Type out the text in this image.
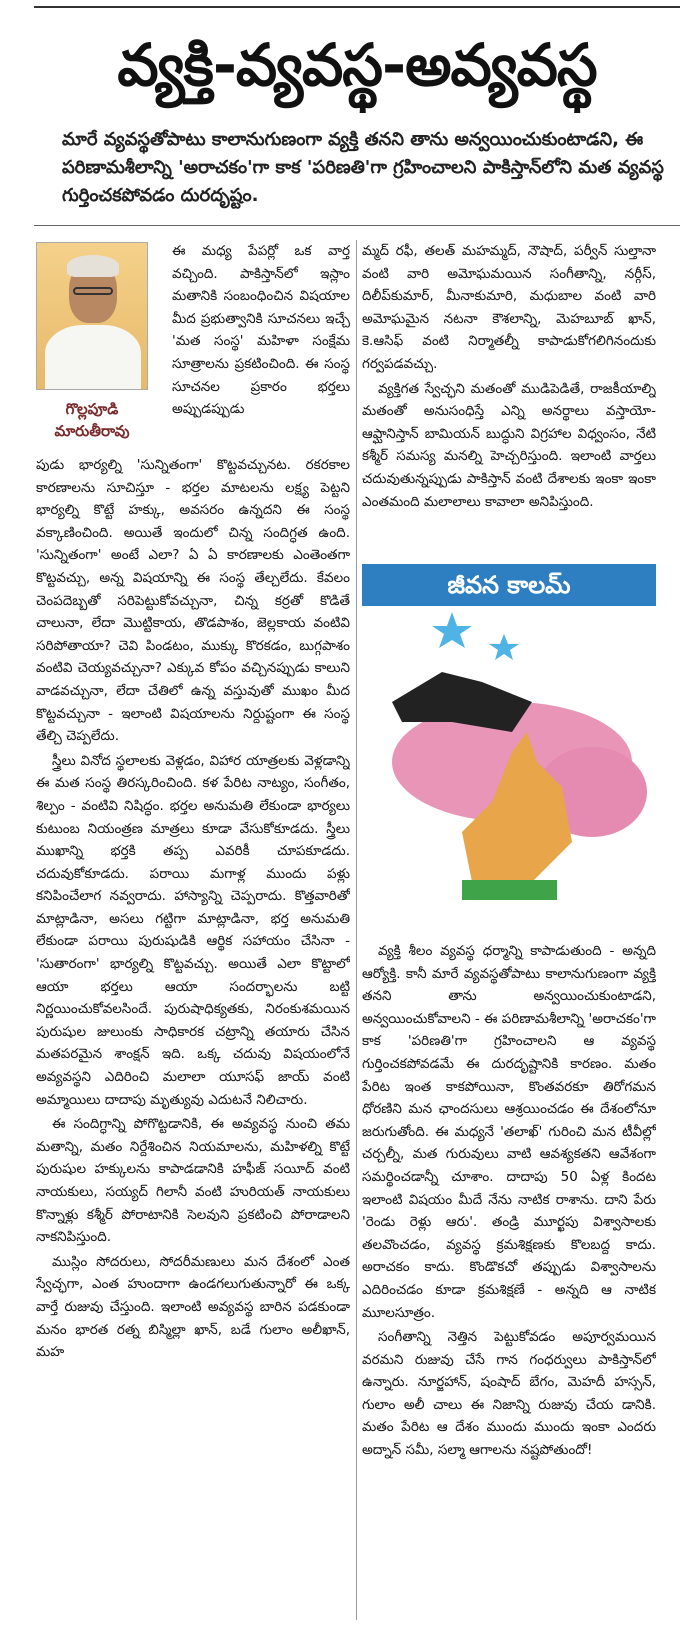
వ్యక్తి-వ్యవస్థ-అవ్యవస్థ
మారే వ్యవస్థతోపాటు కాలానుగుణంగా వ్యక్తి తనని తాను అన్వయించుకుంటాడని, ఈ పరిణామశీలాన్ని 'అరాచకం'గా కాక 'పరిణతి'గా గ్రహించాలని పాకిస్తాన్‌లోని మత వ్యవస్థ గుర్తించకపోవడం దురదృష్టం.
గొల్లపూడి మారుతీరావు

ఈ మధ్య పేపర్లో ఒక వార్త వచ్చింది. పాకిస్తాన్‌లో ఇస్లాం మతానికి సంబంధించిన విషయాల మీద ప్రభుత్వానికి సూచనలు ఇచ్చే 'మత సంస్థ' మహిళా సంక్షేమ సూత్రాలను ప్రకటించింది. ఈ సంస్థ సూచనల ప్రకారం భర్తలు అప్పుడప్పుడు

పుడు భార్యల్ని 'సున్నితంగా' కొట్టవచ్చునట. రకరకాల కారణాలను సూచిస్తూ - భర్తల మాటలను లక్ష్య పెట్టని భార్యల్ని కొట్టే హక్కు, అవసరం ఉన్నదని ఈ సంస్థ వక్కాణించింది. అయితే ఇందులో చిన్న సందిగ్ధత ఉంది. 'సున్నితంగా' అంటే ఎలా? ఏ ఏ కారణాలకు ఎంతెంతగా కొట్టవచ్చు, అన్న విషయాన్ని ఈ సంస్థ తేల్చలేదు. కేవలం చెంపదెబ్బతో సరిపెట్టుకోవచ్చునా, చిన్న కర్రతో కొడితే చాలునా, లేదా మొట్టికాయ, తొడపాశం, జెల్లకాయ వంటివి సరిపోతాయా? చెవి పిండటం, ముక్కు కొరకడం, బుగ్గపాశం వంటివి చెయ్యవచ్చునా? ఎక్కువ కోపం వచ్చినప్పుడు కాలుని వాడవచ్చునా, లేదా చేతిలో ఉన్న వస్తువుతో ముఖం మీద కొట్టవచ్చునా - ఇలాంటి విషయాలను నిర్దుష్టంగా ఈ సంస్థ తేల్చి చెప్పలేదు.

స్త్రీలు వినోద స్థలాలకు వెళ్లడం, విహార యాత్రలకు వెళ్లడాన్ని ఈ మత సంస్థ తిరస్కరించింది. కళ పేరిట నాట్యం, సంగీతం, శిల్పం - వంటివి నిషిద్ధం. భర్తల అనుమతి లేకుండా భార్యలు కుటుంబ నియంత్రణ మాత్రలు కూడా వేసుకోకూడదు. స్త్రీలు ముఖాన్ని భర్తకి తప్ప ఎవరికీ చూపకూడదు. చదువుకోకూడదు. పరాయి మగాళ్ల ముందు పళ్లు కనిపించేలాగ నవ్వరాదు. హాస్యాన్ని చెప్పరాదు. కొత్తవారితో మాట్లాడినా, అసలు గట్టిగా మాట్లాడినా, భర్త అనుమతి లేకుండా పరాయి పురుషుడికి ఆర్థిక సహాయం చేసినా - 'సుతారంగా' భార్యల్ని కొట్టవచ్చు. అయితే ఎలా కొట్టాలో ఆయా భర్తలు ఆయా సందర్భాలను బట్టి నిర్ణయించుకోవలసిందే. పురుషాధిక్యతకు, నిరంకుశమయిన పురుషుల జులుంకు సాధికారక చట్రాన్ని తయారు చేసిన మతపరమైన శాంక్షన్ ఇది. ఒక్క చదువు విషయంలోనే అవ్యవస్థని ఎదిరించి మలాలా యూసఫ్ జాయ్ వంటి అమ్మాయిలు దాదాపు మృత్యువు ఎదుటనే నిలిచారు.

ఈ సందిగ్ధాన్ని పోగొట్టడానికి, ఈ అవ్యవస్థ నుంచి తమ మతాన్ని, మతం నిర్దేశించిన నియమాలను, మహిళల్ని కొట్టే పురుషుల హక్కులను కాపాడడానికి హఫీజ్ సయీద్ వంటి నాయకులు, సయ్యద్ గిలానీ వంటి హురియత్ నాయకులు కొన్నాళ్లు కశ్మీర్ పోరాటానికి సెలవుని ప్రకటించి పోరాడాలని నాకనిపిస్తుంది.

ముస్లిం సోదరులు, సోదరీమణులు మన దేశంలో ఎంత స్వేచ్ఛగా, ఎంత హుందాగా ఉండగలుగుతున్నారో ఈ ఒక్క వార్తే రుజువు చేస్తుంది. ఇలాంటి అవ్యవస్థ బారిన పడకుండా మనం భారత రత్న బిస్మిల్లా ఖాన్, బడే గులాం అలీఖాన్, మహ

మ్మద్ రఫీ, తలత్ మహమ్మద్, నౌషాద్, పర్వీన్ సుల్తానా వంటి వారి అమోఘమయిన సంగీతాన్ని, నర్గీస్, దిలీప్‌కుమార్, మీనాకుమారి, మధుబాల వంటి వారి అమోఘమైన నటనా కౌశలాన్ని, మెహబూబ్ ఖాన్, కె.ఆసిఫ్ వంటి నిర్మాతల్నీ కాపాడుకోగలిగినందుకు గర్వపడవచ్చు.

వ్యక్తిగత స్వేచ్ఛని మతంతో ముడిపెడితే, రాజకీయాల్ని మతంతో అనుసంధిస్తే ఎన్ని అనర్థాలు వస్తాయో- ఆఫ్ఘానిస్తాన్ బామియన్ బుద్ధుని విగ్రహాల విధ్వంసం, నేటి కశ్మీర్ సమస్య మనల్ని హెచ్చరిస్తుంది. ఇలాంటి వార్తలు చదువుతున్నప్పుడు పాకిస్తాన్ వంటి దేశాలకు ఇంకా ఇంకా ఎంతమంది మలాలాలు కావాలా అనిపిస్తుంది.

జీవన కాలమ్

వ్యక్తి శీలం వ్యవస్థ ధర్మాన్ని కాపాడుతుంది - అన్నది ఆర్యోక్తి. కానీ మారే వ్యవస్థతోపాటు కాలానుగుణంగా వ్యక్తి తనని తాను అన్వయించుకుంటాడని, అన్వయించుకోవాలని - ఈ పరిణామశీలాన్ని 'అరాచకం'గా కాక 'పరిణతి'గా గ్రహించాలని ఆ వ్యవస్థ గుర్తించకపోవడమే ఈ దురదృష్టానికి కారణం. మతం పేరిట ఇంత కాకపోయినా, కొంతవరకూ తిరోగమన ధోరణిని మన ఛాందసులు ఆశ్రయించడం ఈ దేశంలోనూ జరుగుతోంది. ఈ మధ్యనే 'తలాఖ్' గురించి మన టీవీల్లో చర్చల్నీ, మత గురువులు వాటి ఆవశ్యకతని ఆవేశంగా సమర్థించడాన్నీ చూశాం. దాదాపు 50 ఏళ్ల కిందట ఇలాంటి విషయం మీదే నేను నాటిక రాశాను. దాని పేరు 'రెండు రెళ్లు ఆరు'. తండ్రి మూర్ఖపు విశ్వాసాలకు తలవొంచడం, వ్యవస్థ క్రమశిక్షణకు కొలబద్ద కాదు. అరాచకం కాదు. కొండొకచో తప్పుడు విశ్వాసాలను ఎదిరించడం కూడా క్రమశిక్షణే - అన్నది ఆ నాటిక మూలసూత్రం.

సంగీతాన్ని నెత్తిన పెట్టుకోవడం అపూర్వమయిన వరమని రుజువు చేసే గాన గంధర్వులు పాకిస్తాన్‌లో ఉన్నారు. నూర్జహాన్, షంషాద్ బేగం, మెహదీ హస్సన్, గులాం అలీ చాలు ఈ నిజాన్ని రుజువు చేయ డానికి. మతం పేరిట ఆ దేశం ముందు ముందు ఇంకా ఎందరు అద్నాన్ సమీ, సల్మా ఆగాలను నష్టపోతుందో!
